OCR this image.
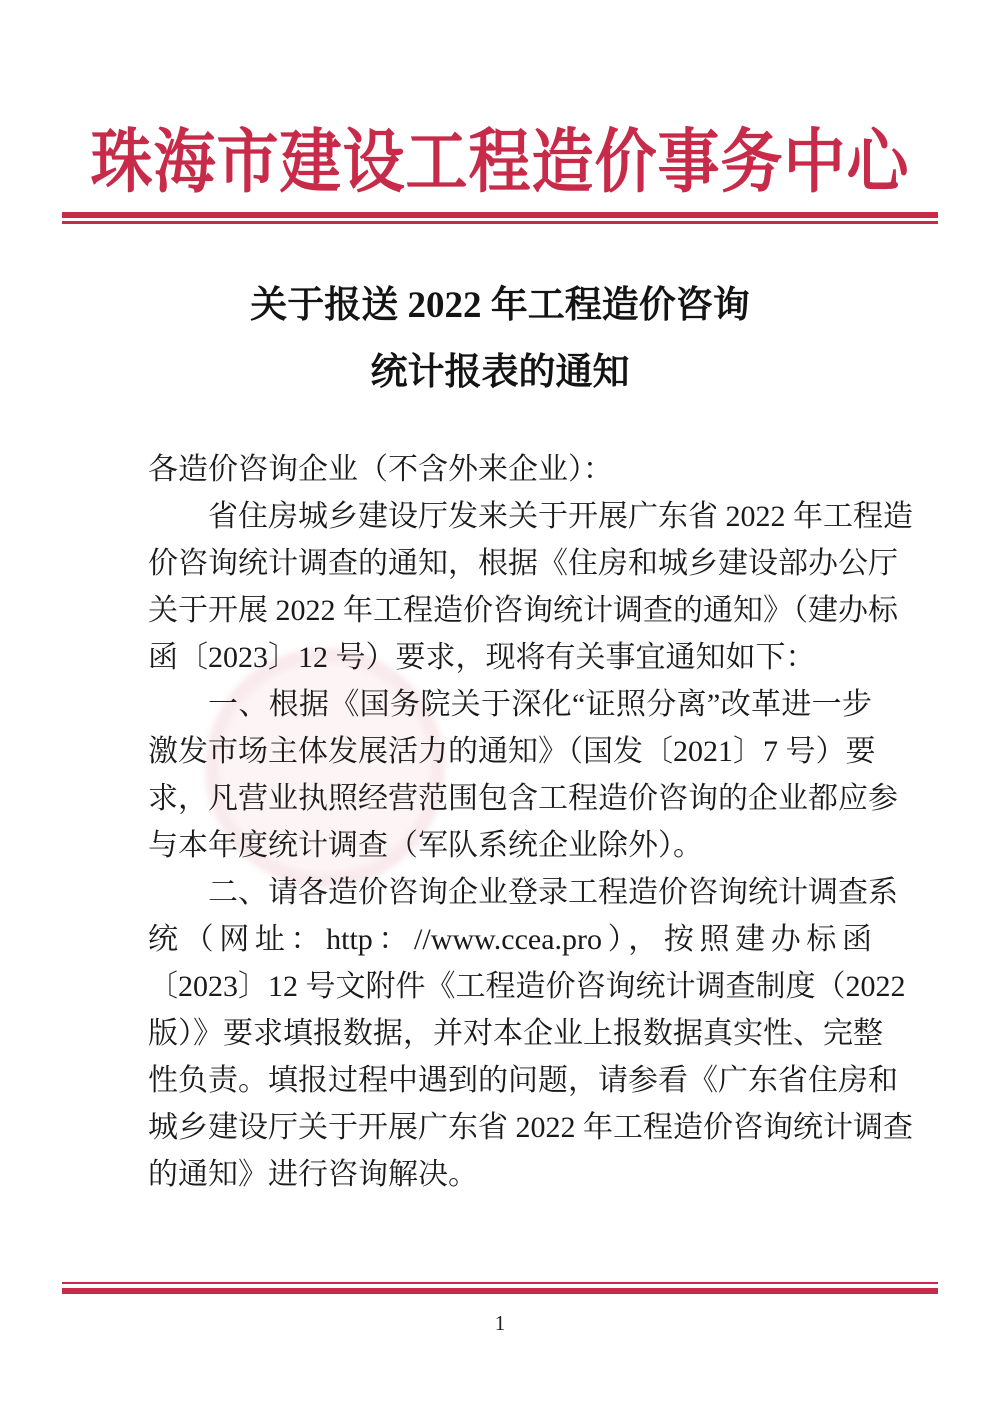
珠海市建设工程造价事务中心
关于报送 2022 年工程造价咨询
统计报表的通知
各造价咨询企业（不含外来企业）：
省住房城乡建设厅发来关于开展广东省 2022 年工程造
价咨询统计调查的通知，根据《住房和城乡建设部办公厅
关于开展 2022 年工程造价咨询统计调查的通知》（建办标
函〔2023〕12 号）要求，现将有关事宜通知如下：
一、根据《国务院关于深化“证照分离”改革进一步
激发市场主体发展活力的通知》（国发〔2021〕7 号）要
求，凡营业执照经营范围包含工程造价咨询的企业都应参
与本年度统计调查（军队系统企业除外）。
二、请各造价咨询企业登录工程造价咨询统计调查系
统（网址：http：//www.ccea.pro），按照建办标函
〔2023〕12 号文附件《工程造价咨询统计调查制度（2022
版）》要求填报数据，并对本企业上报数据真实性、完整
性负责。填报过程中遇到的问题，请参看《广东省住房和
城乡建设厅关于开展广东省 2022 年工程造价咨询统计调查
的通知》进行咨询解决。
1
